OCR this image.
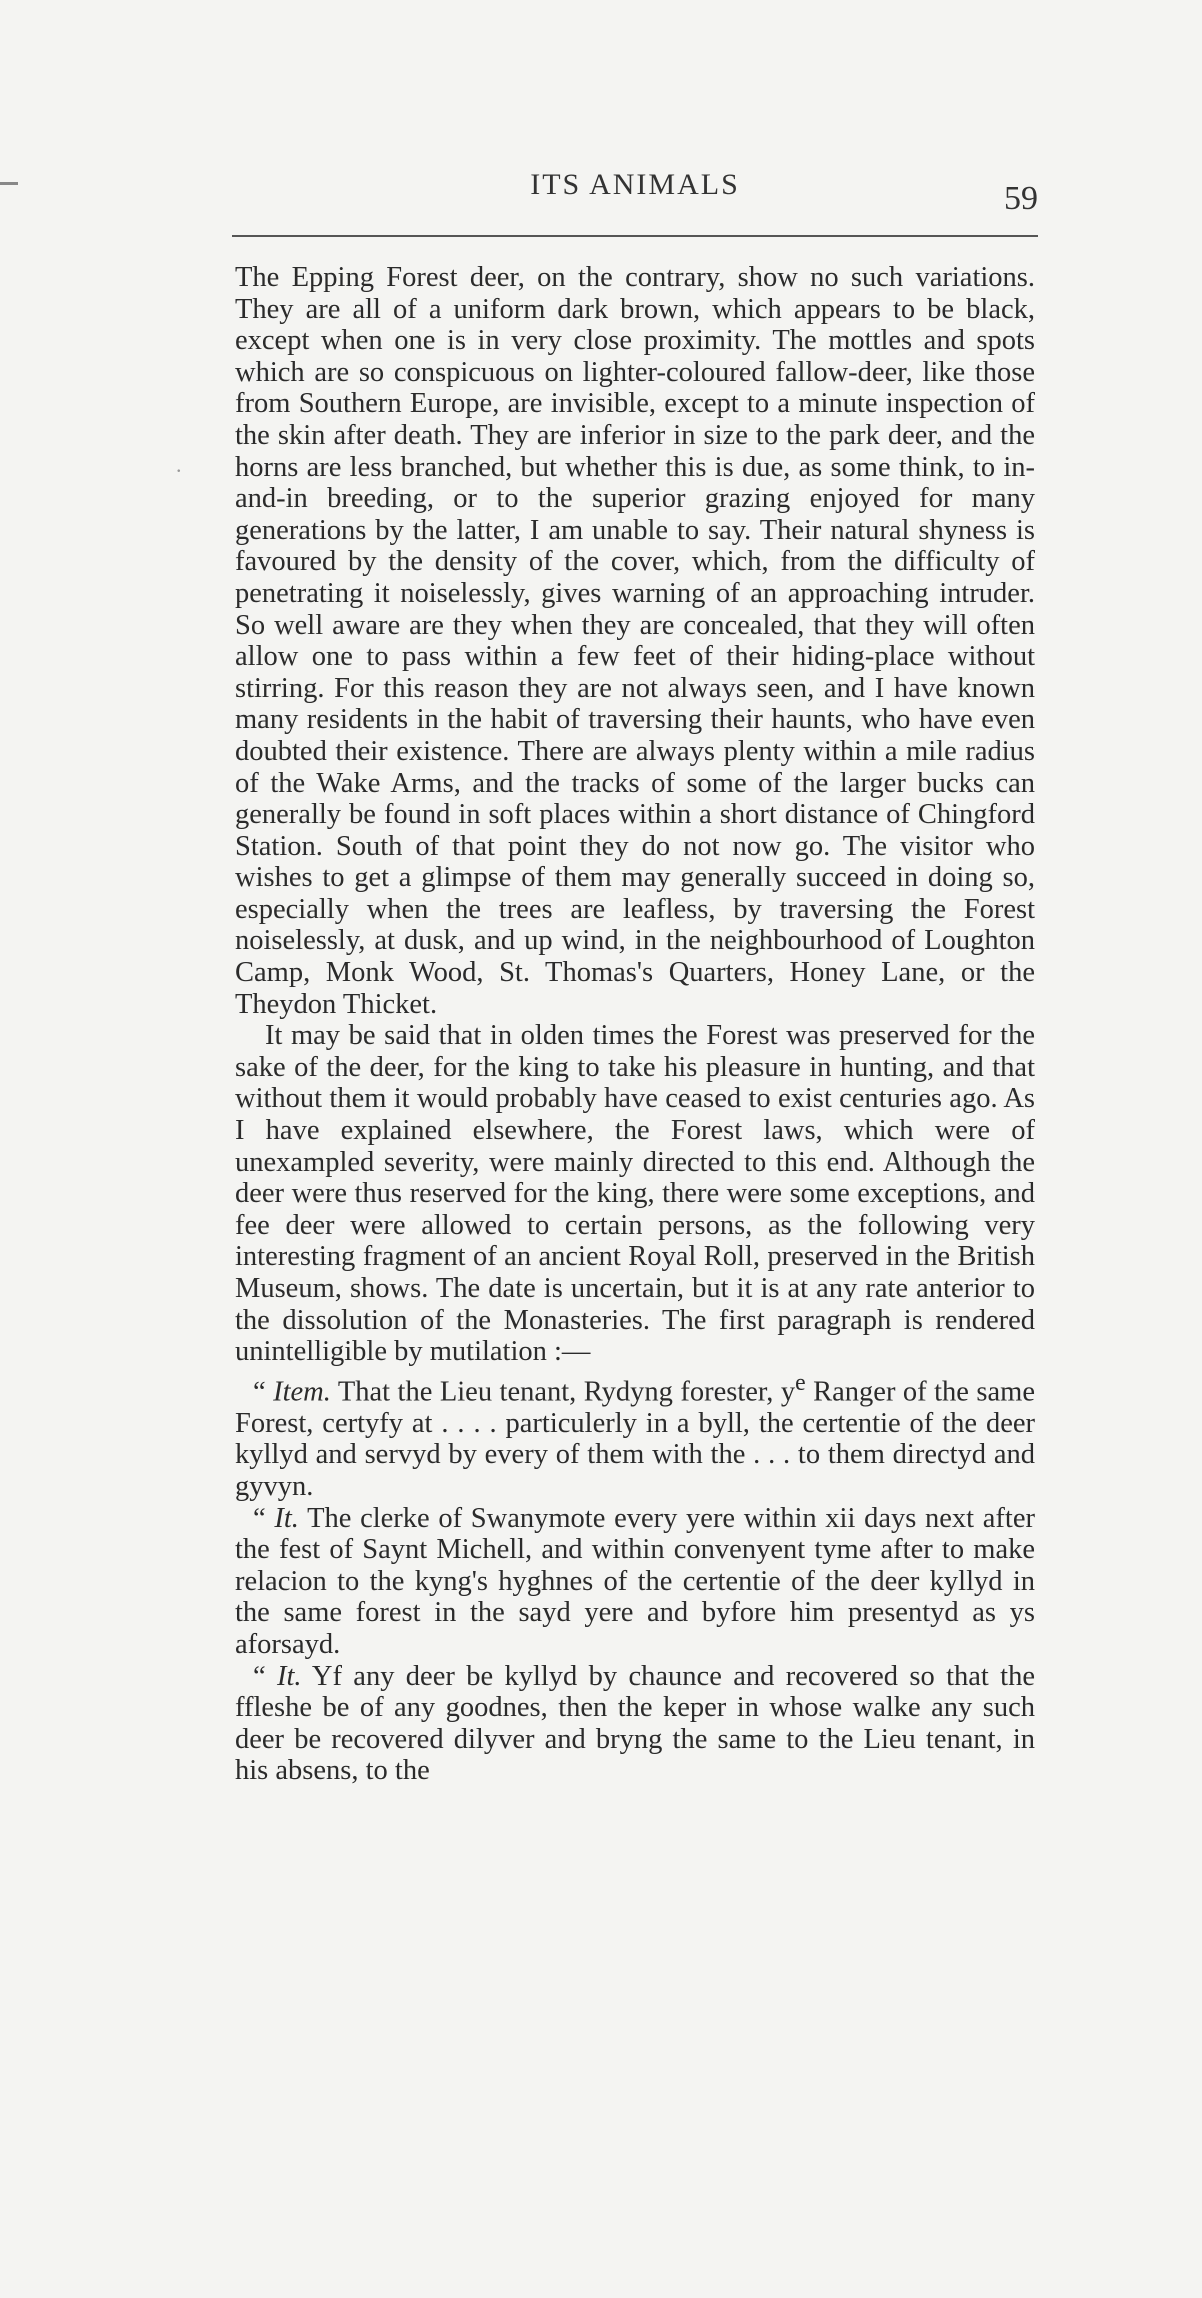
.
ITS ANIMALS	59

The Epping Forest deer, on the contrary, show no such variations. They are all of a uniform dark brown, which appears to be black, except when one is in very close proximity. The mottles and spots which are so conspicuous on lighter-coloured fallow-deer, like those from Southern Europe, are invisible, except to a minute inspection of the skin after death. They are inferior in size to the park deer, and the horns are less branched, but whether this is due, as some think, to in-and-in breeding, or to the superior grazing enjoyed for many generations by the latter, I am unable to say. Their natural shyness is favoured by the density of the cover, which, from the difficulty of penetrating it noiselessly, gives warning of an approaching intruder. So well aware are they when they are concealed, that they will often allow one to pass within a few feet of their hiding-place without stirring. For this reason they are not always seen, and I have known many residents in the habit of traversing their haunts, who have even doubted their existence. There are always plenty within a mile radius of the Wake Arms, and the tracks of some of the larger bucks can generally be found in soft places within a short distance of Chingford Station. South of that point they do not now go. The visitor who wishes to get a glimpse of them may generally succeed in doing so, especially when the trees are leafless, by traversing the Forest noiselessly, at dusk, and up wind, in the neighbourhood of Loughton Camp, Monk Wood, St. Thomas's Quarters, Honey Lane, or the Theydon Thicket.

It may be said that in olden times the Forest was preserved for the sake of the deer, for the king to take his pleasure in hunting, and that without them it would probably have ceased to exist centuries ago. As I have explained elsewhere, the Forest laws, which were of unexampled severity, were mainly directed to this end. Although the deer were thus reserved for the king, there were some exceptions, and fee deer were allowed to certain persons, as the following very interesting fragment of an ancient Royal Roll, preserved in the British Museum, shows. The date is uncertain, but it is at any rate anterior to the dissolution of the Monasteries. The first paragraph is rendered unintelligible by mutilation :—

“ Item. That the Lieu tenant, Rydyng forester, $y^e$ Ranger of the same Forest, certyfy at . . . . particulerly in a byll, the certentie of the deer kyllyd and servyd by every of them with the . . . to them directyd and gyvyn.

“ It. The clerke of Swanymote every yere within xii days next after the fest of Saynt Michell, and within convenyent tyme after to make relacion to the kyng's hyghnes of the certentie of the deer kyllyd in the same forest in the sayd yere and byfore him presentyd as ys aforsayd.

“ It. Yf any deer be kyllyd by chaunce and recovered so that the ffleshe be of any goodnes, then the keper in whose walke any such deer be recovered dilyver and bryng the same to the Lieu tenant, in his absens, to the
